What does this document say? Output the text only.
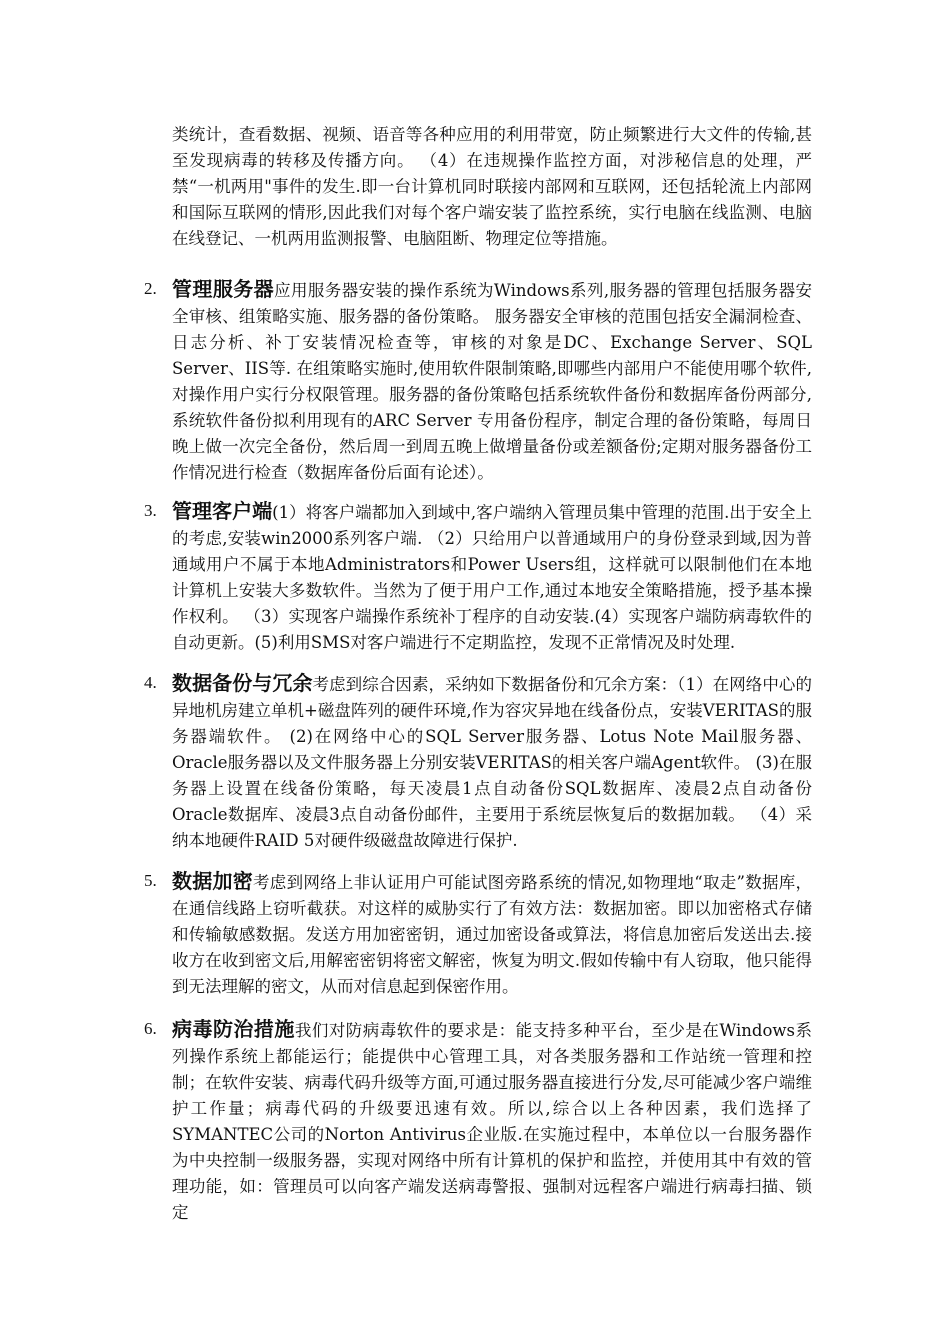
类统计，查看数据、视频、语音等各种应用的利用带宽，防止频繁进行大文件的传输,甚至发现病毒的转移及传播方向。 （4）在违规操作监控方面，对涉秘信息的处理，严禁“一机两用"事件的发生.即一台计算机同时联接内部网和互联网，还包括轮流上内部网和国际互联网的情形,因此我们对每个客户端安装了监控系统，实行电脑在线监测、电脑在线登记、一机两用监测报警、电脑阻断、物理定位等措施。
2. 管理服务器应用服务器安装的操作系统为Windows系列,服务器的管理包括服务器安全审核、组策略实施、服务器的备份策略。 服务器安全审核的范围包括安全漏洞检查、日志分析、补丁安装情况检查等，审核的对象是DC、Exchange Server、SQL Server、IIS等. 在组策略实施时,使用软件限制策略,即哪些内部用户不能使用哪个软件,对操作用户实行分权限管理。服务器的备份策略包括系统软件备份和数据库备份两部分,系统软件备份拟利用现有的ARC Server 专用备份程序，制定合理的备份策略，每周日晚上做一次完全备份，然后周一到周五晚上做增量备份或差额备份;定期对服务器备份工作情况进行检查（数据库备份后面有论述）。
3. 管理客户端(1）将客户端都加入到域中,客户端纳入管理员集中管理的范围.出于安全上的考虑,安装win2000系列客户端. （2）只给用户以普通域用户的身份登录到域,因为普通域用户不属于本地Administrators和Power Users组，这样就可以限制他们在本地计算机上安装大多数软件。当然为了便于用户工作,通过本地安全策略措施，授予基本操作权利。 （3）实现客户端操作系统补丁程序的自动安装.(4）实现客户端防病毒软件的自动更新。(5)利用SMS对客户端进行不定期监控，发现不正常情况及时处理.
4. 数据备份与冗余考虑到综合因素，采纳如下数据备份和冗余方案：（1）在网络中心的异地机房建立单机+磁盘阵列的硬件环境,作为容灾异地在线备份点，安装VERITAS的服务器端软件。 (2)在网络中心的SQL Server服务器、Lotus Note Mail服务器、Oracle服务器以及文件服务器上分别安装VERITAS的相关客户端Agent软件。 (3)在服务器上设置在线备份策略，每天凌晨1点自动备份SQL数据库、凌晨2点自动备份Oracle数据库、凌晨3点自动备份邮件，主要用于系统层恢复后的数据加载。 （4）采纳本地硬件RAID 5对硬件级磁盘故障进行保护.
5. 数据加密考虑到网络上非认证用户可能试图旁路系统的情况,如物理地“取走”数据库，在通信线路上窃听截获。对这样的威胁实行了有效方法：数据加密。即以加密格式存储和传输敏感数据。发送方用加密密钥，通过加密设备或算法，将信息加密后发送出去.接收方在收到密文后,用解密密钥将密文解密，恢复为明文.假如传输中有人窃取，他只能得到无法理解的密文，从而对信息起到保密作用。
6. 病毒防治措施我们对防病毒软件的要求是：能支持多种平台，至少是在Windows系列操作系统上都能运行；能提供中心管理工具，对各类服务器和工作站统一管理和控制；在软件安装、病毒代码升级等方面,可通过服务器直接进行分发,尽可能减少客户端维护工作量；病毒代码的升级要迅速有效。所以,综合以上各种因素，我们选择了SYMANTEC公司的Norton Antivirus企业版.在实施过程中，本单位以一台服务器作为中央控制一级服务器，实现对网络中所有计算机的保护和监控，并使用其中有效的管理功能，如：管理员可以向客产端发送病毒警报、强制对远程客户端进行病毒扫描、锁定
